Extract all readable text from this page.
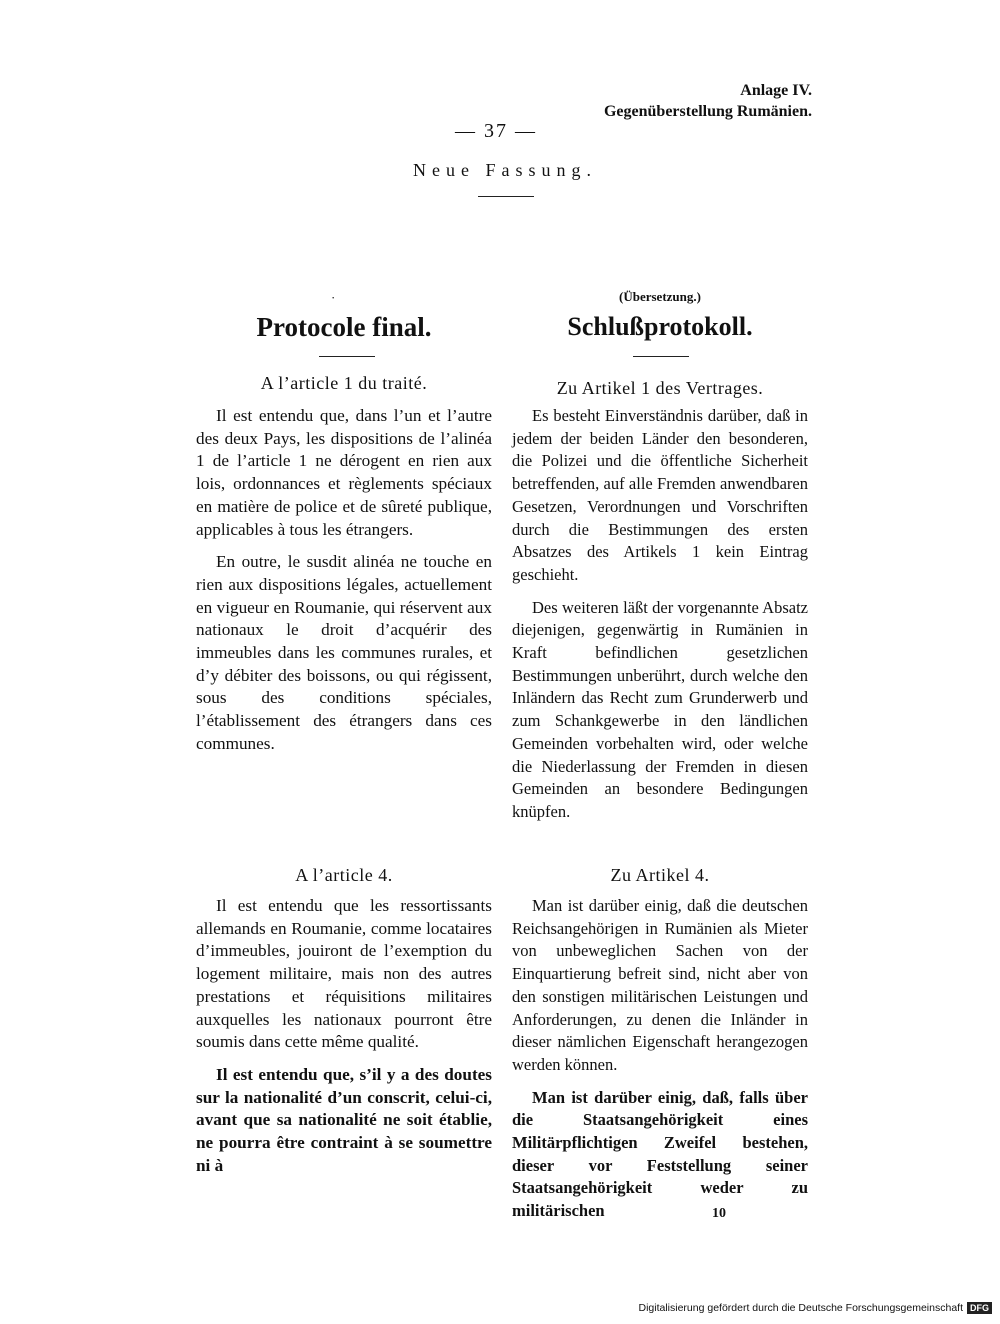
Anlage IV.
Gegenüberstellung Rumänien.
— 37 —
Neue Fassung.
·
Protocole final.
A l’article 1 du traité.

Il est entendu que, dans l’un et l’autre des deux Pays, les dispositions de l’alinéa 1 de l’article 1 ne dérogent en rien aux lois, ordonnances et règlements spéciaux en matière de police et de sûreté publique, applicables à tous les étrangers.

En outre, le susdit alinéa ne touche en rien aux dispositions légales, actuellement en vigueur en Roumanie, qui réservent aux nationaux le droit d’acquérir des immeubles dans les communes rurales, et d’y débiter des boissons, ou qui régissent, sous des conditions spéciales, l’établissement des étrangers dans ces communes.

A l’article 4.

Il est entendu que les ressortissants allemands en Roumanie, comme locataires d’immeubles, jouiront de l’exemption du logement militaire, mais non des autres prestations et réquisitions militaires auxquelles les nationaux pourront être soumis dans cette même qualité.

Il est entendu que, s’il y a des doutes sur la nationalité d’un conscrit, celui-ci, avant que sa nationalité ne soit établie, ne pourra être contraint à se soumettre ni à

(Übersetzung.)
Schlußprotokoll.
Zu Artikel 1 des Vertrages.

Es besteht Einverständnis darüber, daß in jedem der beiden Länder den besonderen, die Polizei und die öffentliche Sicherheit betreffenden, auf alle Fremden anwendbaren Gesetzen, Verordnungen und Vorschriften durch die Bestimmungen des ersten Absatzes des Artikels 1 kein Eintrag geschieht.

Des weiteren läßt der vorgenannte Absatz diejenigen, gegenwärtig in Rumänien in Kraft befindlichen gesetzlichen Bestimmungen unberührt, durch welche den Inländern das Recht zum Grunderwerb und zum Schankgewerbe in den ländlichen Gemeinden vorbehalten wird, oder welche die Niederlassung der Fremden in diesen Gemeinden an besondere Bedingungen knüpfen.

Zu Artikel 4.

Man ist darüber einig, daß die deutschen Reichsangehörigen in Rumänien als Mieter von unbeweglichen Sachen von der Einquartierung befreit sind, nicht aber von den sonstigen militärischen Leistungen und Anforderungen, zu denen die Inländer in dieser nämlichen Eigenschaft herangezogen werden können.

Man ist darüber einig, daß, falls über die Staatsangehörigkeit eines Militärpflichtigen Zweifel bestehen, dieser vor Feststellung seiner Staatsangehörigkeit weder zu militärischen	10
Digitalisierung gefördert durch die Deutsche Forschungsgemeinschaft DFG
